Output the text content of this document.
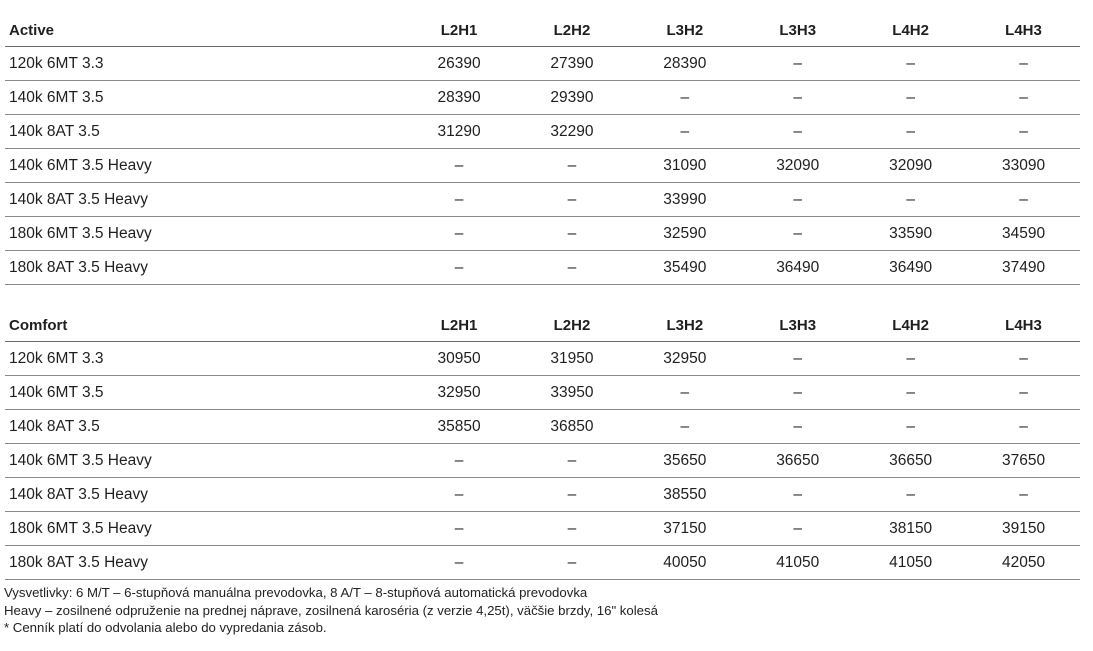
Active	L2H1	L2H2	L3H2	L3H3	L4H2	L4H3
120k 6MT 3.3	26390	27390	28390	–	–	–
140k 6MT 3.5	28390	29390	–	–	–	–
140k 8AT 3.5	31290	32290	–	–	–	–
140k 6MT 3.5 Heavy	–	–	31090	32090	32090	33090
140k 8AT 3.5 Heavy	–	–	33990	–	–	–
180k 6MT 3.5 Heavy	–	–	32590	–	33590	34590
180k 8AT 3.5 Heavy	–	–	35490	36490	36490	37490
Comfort	L2H1	L2H2	L3H2	L3H3	L4H2	L4H3
120k 6MT 3.3	30950	31950	32950	–	–	–
140k 6MT 3.5	32950	33950	–	–	–	–
140k 8AT 3.5	35850	36850	–	–	–	–
140k 6MT 3.5 Heavy	–	–	35650	36650	36650	37650
140k 8AT 3.5 Heavy	–	–	38550	–	–	–
180k 6MT 3.5 Heavy	–	–	37150	–	38150	39150
180k 8AT 3.5 Heavy	–	–	40050	41050	41050	42050
Vysvetlivky: 6 M/T – 6-stupňová manuálna prevodovka, 8 A/T – 8-stupňová automatická prevodovka
Heavy – zosilnené odpruženie na prednej náprave, zosilnená karoséria (z verzie 4,25t), väčšie brzdy, 16" kolesá
* Cenník platí do odvolania alebo do vypredania zásob.
